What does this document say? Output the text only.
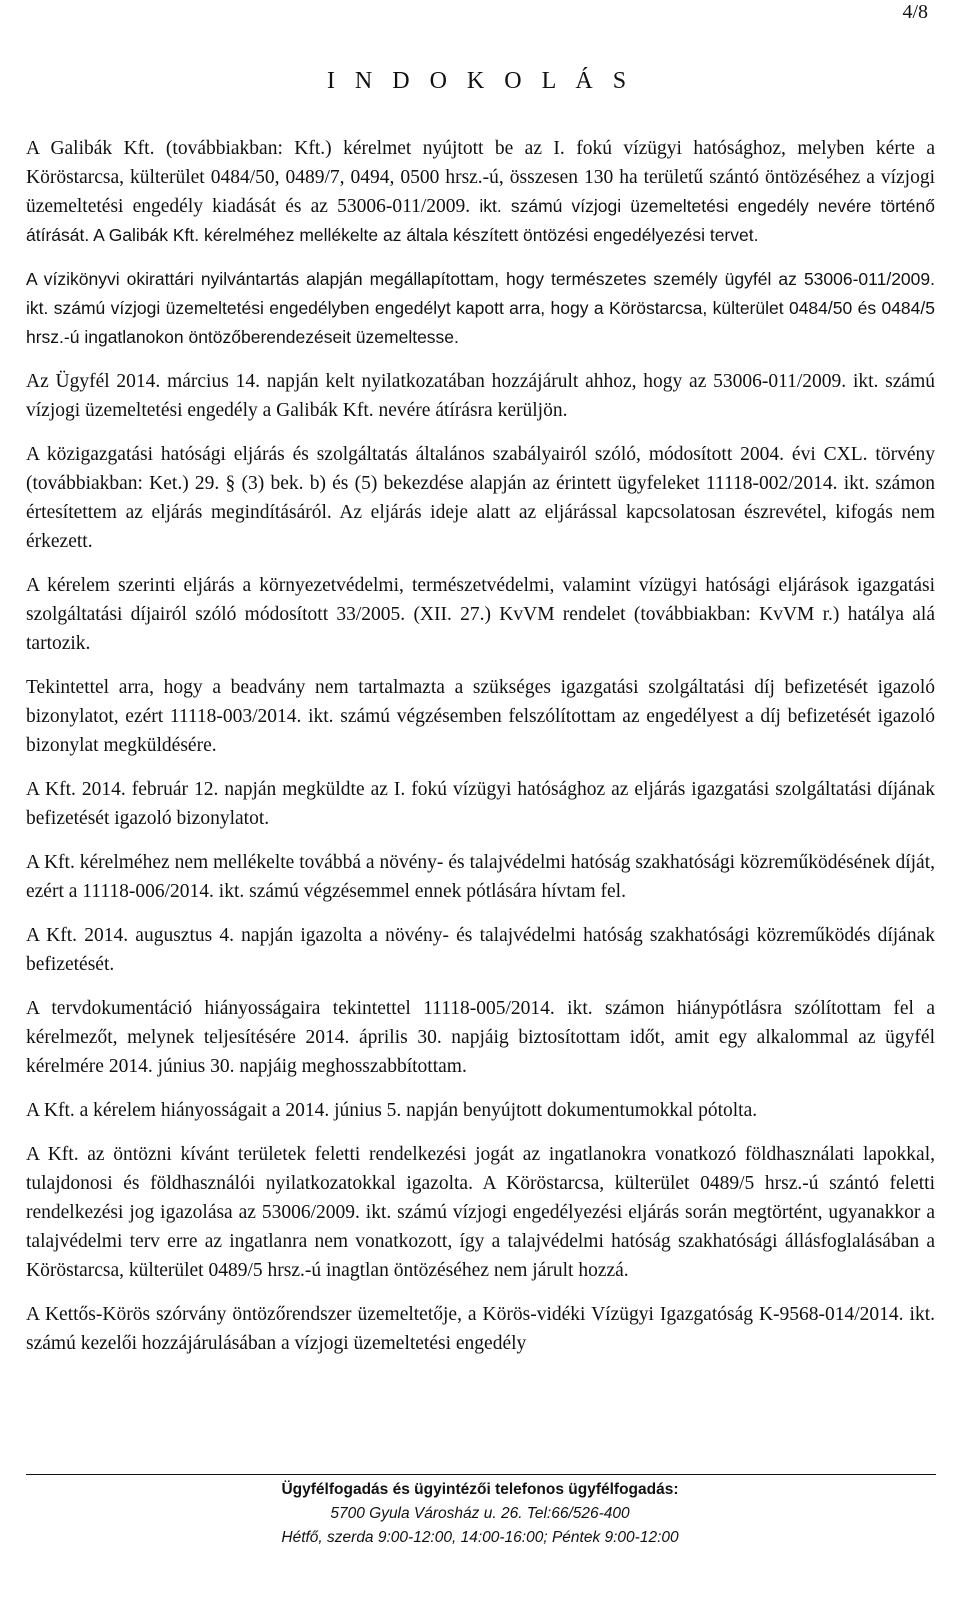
4/8
I N D O K O L Á S

A Galibák Kft. (továbbiakban: Kft.) kérelmet nyújtott be az I. fokú vízügyi hatósághoz, melyben kérte a Köröstarcsa, külterület 0484/50, 0489/7, 0494, 0500 hrsz.-ú, összesen 130 ha területű szántó öntözéséhez a vízjogi üzemeltetési engedély kiadását és az 53006-011/2009. ikt. számú vízjogi üzemeltetési engedély nevére történő átírását. A Galibák Kft. kérelméhez mellékelte az általa készített öntözési engedélyezési tervet.

A vízikönyvi okirattári nyilvántartás alapján megállapítottam, hogy természetes személy ügyfél az 53006-011/2009. ikt. számú vízjogi üzemeltetési engedélyben engedélyt kapott arra, hogy a Köröstarcsa, külterület 0484/50 és 0484/5 hrsz.-ú ingatlanokon öntözőberendezéseit üzemeltesse.

Az Ügyfél 2014. március 14. napján kelt nyilatkozatában hozzájárult ahhoz, hogy az 53006-011/2009. ikt. számú vízjogi üzemeltetési engedély a Galibák Kft. nevére átírásra kerüljön.

A közigazgatási hatósági eljárás és szolgáltatás általános szabályairól szóló, módosított 2004. évi CXL. törvény (továbbiakban: Ket.) 29. § (3) bek. b) és (5) bekezdése alapján az érintett ügyfeleket 11118-002/2014. ikt. számon értesítettem az eljárás megindításáról. Az eljárás ideje alatt az eljárással kapcsolatosan észrevétel, kifogás nem érkezett.

A kérelem szerinti eljárás a környezetvédelmi, természetvédelmi, valamint vízügyi hatósági eljárások igazgatási szolgáltatási díjairól szóló módosított 33/2005. (XII. 27.) KvVM rendelet (továbbiakban: KvVM r.) hatálya alá tartozik.

Tekintettel arra, hogy a beadvány nem tartalmazta a szükséges igazgatási szolgáltatási díj befizetését igazoló bizonylatot, ezért 11118-003/2014. ikt. számú végzésemben felszólítottam az engedélyest a díj befizetését igazoló bizonylat megküldésére.

A Kft. 2014. február 12. napján megküldte az I. fokú vízügyi hatósághoz az eljárás igazgatási szolgáltatási díjának befizetését igazoló bizonylatot.

A Kft. kérelméhez nem mellékelte továbbá a növény- és talajvédelmi hatóság szakhatósági közreműködésének díját, ezért a 11118-006/2014. ikt. számú végzésemmel ennek pótlására hívtam fel.

A Kft. 2014. augusztus 4. napján igazolta a növény- és talajvédelmi hatóság szakhatósági közreműködés díjának befizetését.

A tervdokumentáció hiányosságaira tekintettel 11118-005/2014. ikt. számon hiánypótlásra szólítottam fel a kérelmezőt, melynek teljesítésére 2014. április 30. napjáig biztosítottam időt, amit egy alkalommal az ügyfél kérelmére 2014. június 30. napjáig meghosszabbítottam.

A Kft. a kérelem hiányosságait a 2014. június 5. napján benyújtott dokumentumokkal pótolta.

A Kft. az öntözni kívánt területek feletti rendelkezési jogát az ingatlanokra vonatkozó földhasználati lapokkal, tulajdonosi és földhasználói nyilatkozatokkal igazolta. A Köröstarcsa, külterület 0489/5 hrsz.-ú szántó feletti rendelkezési jog igazolása az 53006/2009. ikt. számú vízjogi engedélyezési eljárás során megtörtént, ugyanakkor a talajvédelmi terv erre az ingatlanra nem vonatkozott, így a talajvédelmi hatóság szakhatósági állásfoglalásában a Köröstarcsa, külterület 0489/5 hrsz.-ú inagtlan öntözéséhez nem járult hozzá.

A Kettős-Körös szórvány öntözőrendszer üzemeltetője, a Körös-vidéki Vízügyi Igazgatóság K-9568-014/2014. ikt. számú kezelői hozzájárulásában a vízjogi üzemeltetési engedély

Ügyfélfogadás és ügyintézői telefonos ügyfélfogadás:
5700 Gyula Városház u. 26. Tel:66/526-400
Hétfő, szerda 9:00-12:00, 14:00-16:00; Péntek 9:00-12:00
